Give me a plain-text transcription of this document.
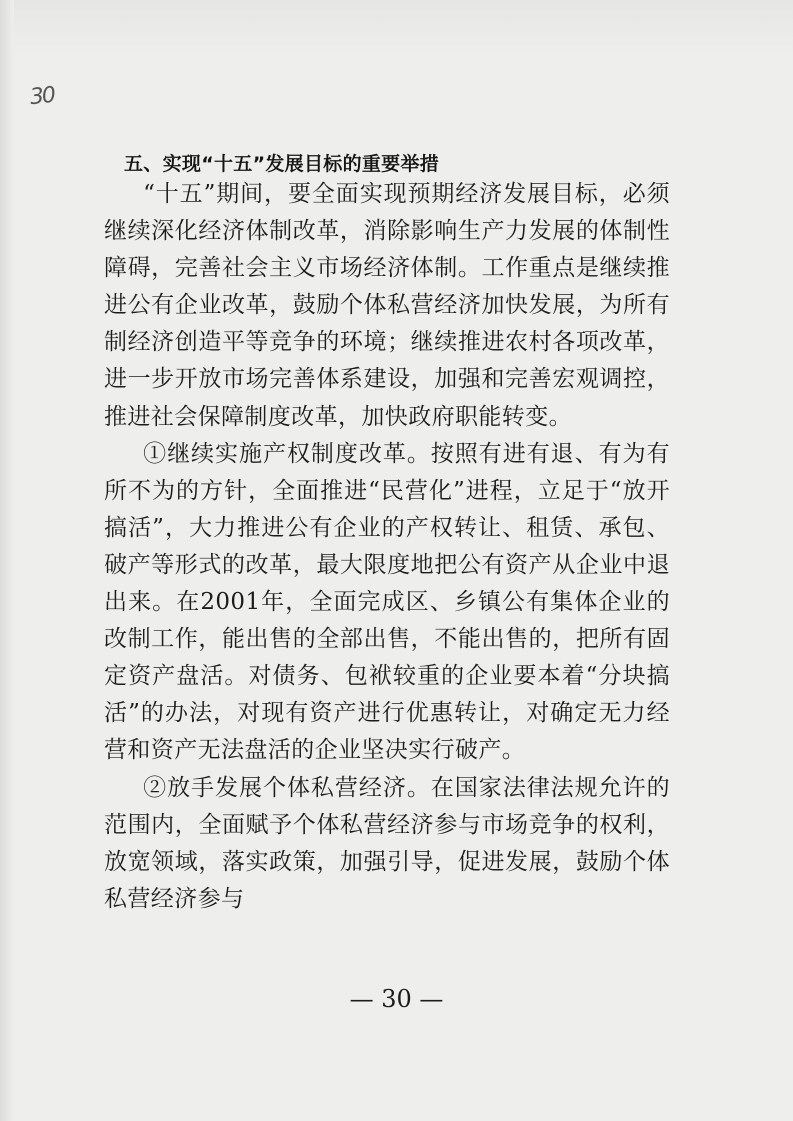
30
五、实现“十五”发展目标的重要举措

“十五”期间，要全面实现预期经济发展目标，必须继续深化经济体制改革，消除影响生产力发展的体制性障碍，完善社会主义市场经济体制。工作重点是继续推进公有企业改革，鼓励个体私营经济加快发展，为所有制经济创造平等竞争的环境；继续推进农村各项改革，进一步开放市场完善体系建设，加强和完善宏观调控，推进社会保障制度改革，加快政府职能转变。

①继续实施产权制度改革。按照有进有退、有为有所不为的方针，全面推进“民营化”进程，立足于“放开搞活”，大力推进公有企业的产权转让、租赁、承包、破产等形式的改革，最大限度地把公有资产从企业中退出来。在2001年，全面完成区、乡镇公有集体企业的改制工作，能出售的全部出售，不能出售的，把所有固定资产盘活。对债务、包袱较重的企业要本着“分块搞活”的办法，对现有资产进行优惠转让，对确定无力经营和资产无法盘活的企业坚决实行破产。

②放手发展个体私营经济。在国家法律法规允许的范围内，全面赋予个体私营经济参与市场竞争的权利，放宽领域，落实政策，加强引导，促进发展，鼓励个体私营经济参与

— 30 —
